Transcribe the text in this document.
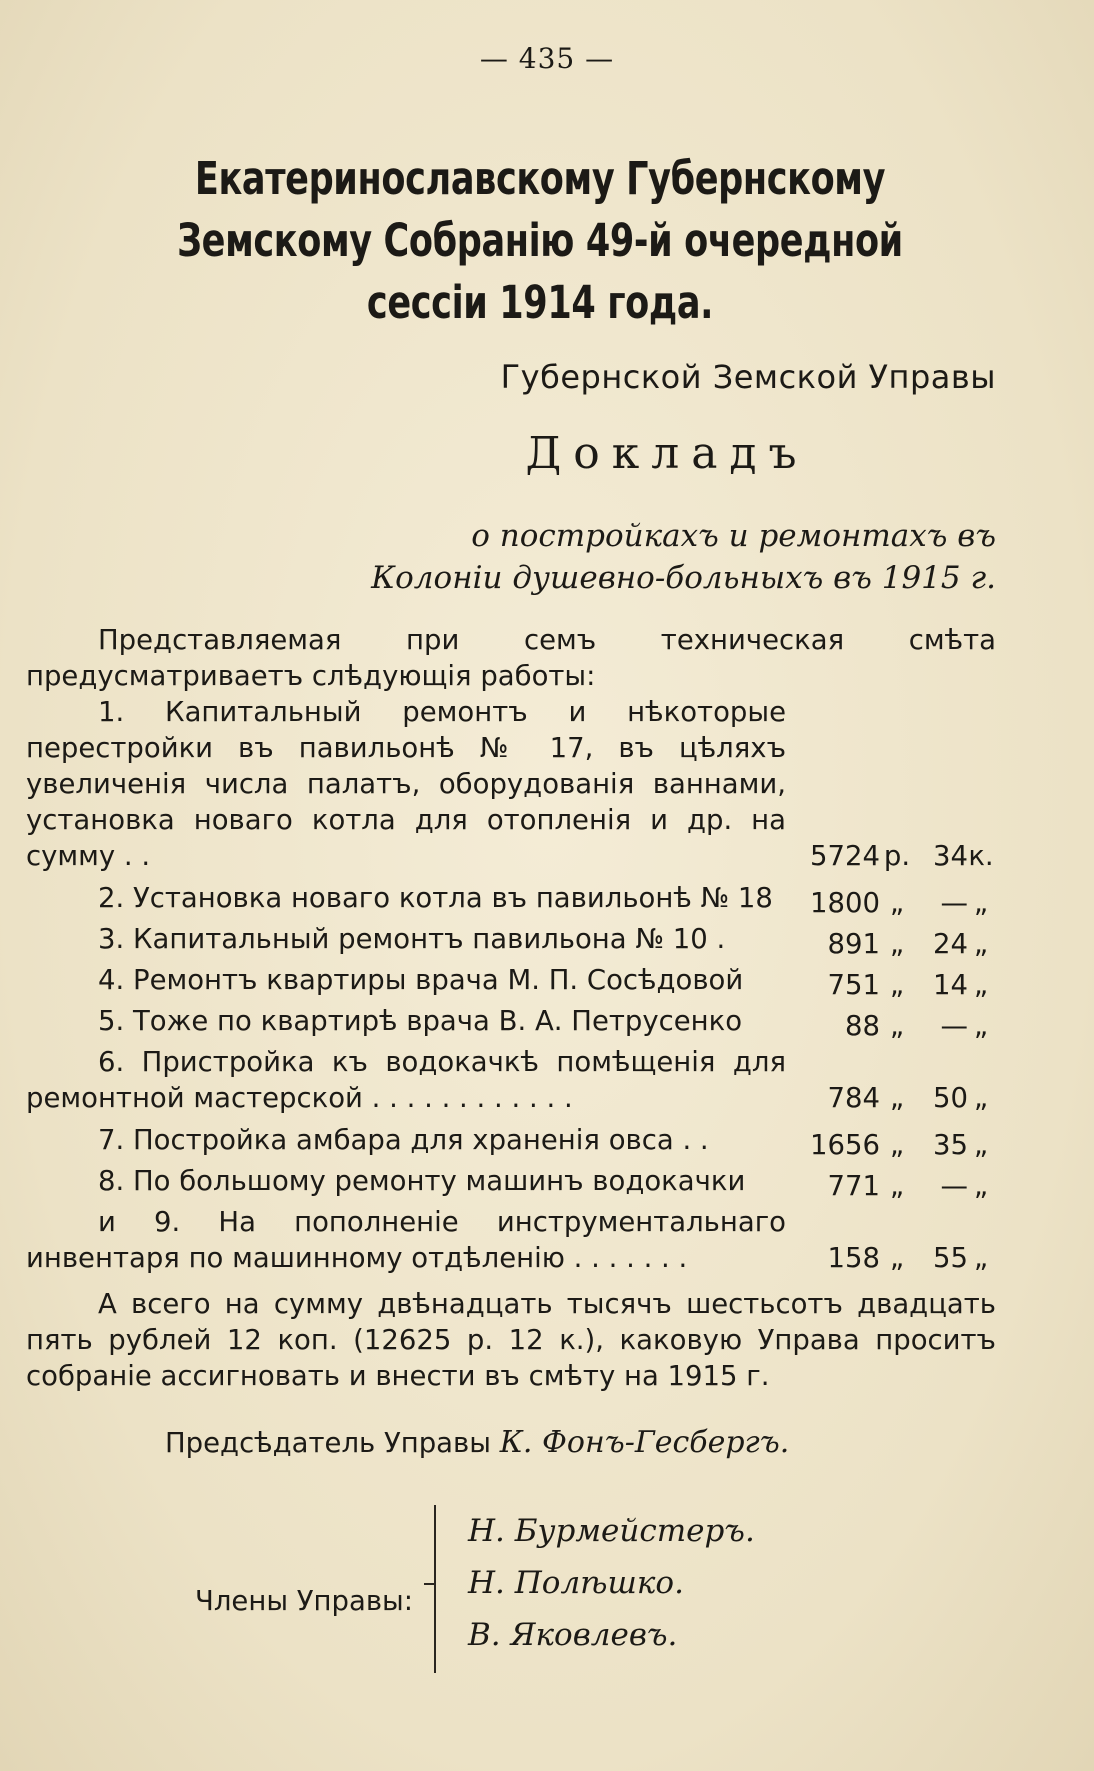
— 435 —
Екатеринославскому Губернскому Земскому Собранію 49-й очередной сессіи 1914 года.
Губернской Земской Управы
Докладъ
о постройкахъ и ремонтахъ въ
Колоніи душевно-больныхъ въ 1915 г.

Представляемая при семъ техническая смѣта предусматриваетъ слѣдующія работы:

1. Капитальный ремонтъ и нѣкоторые перестройки въ павильонѣ № 17, въ цѣляхъ увеличенія числа палатъ, оборудованія ваннами, установка новаго котла для отопленія и др. на сумму . .	5724 р. 34к.
2. Установка новаго котла въ павильонѣ № 18	1800 „ — „
3. Капитальный ремонтъ павильона № 10 .	891 „ 24 „
4. Ремонтъ квартиры врача М. П. Сосѣдовой	751 „ 14 „
5. Тоже по квартирѣ врача В. А. Петрусенко	88 „ — „
6. Пристройка къ водокачкѣ помѣщенія для ремонтной мастерской . . . . . . . . . . . .	784 „ 50 „
7. Постройка амбара для храненія овса . .	1656 „ 35 „
8. По большому ремонту машинъ водокачки	771 „ — „
и 9. На пополненіе инструментальнаго инвентаря по машинному отдѣленію . . . . . . .	158 „ 55 „

А всего на сумму двѣнадцать тысячъ шестьсотъ двадцать пять рублей 12 коп. (12625 р. 12 к.), каковую Управа проситъ собраніе ассигновать и внести въ смѣту на 1915 г.

Предсѣдатель Управы К. Фонъ-Гесбергъ.
Члены Управы:
Н. Бурмейстеръ.
Н. Полѣшко.
В. Яковлевъ.
